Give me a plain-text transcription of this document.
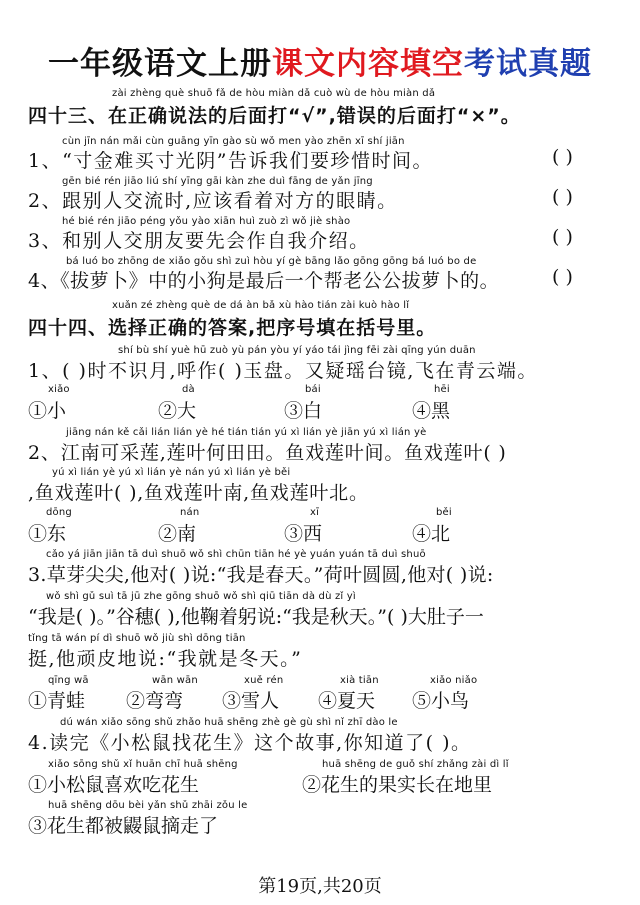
一年级语文上册课文内容填空考试真题
zài zhèng què shuō fǎ de hòu miàn dǎ cuò wù de hòu miàn dǎ
四十三、在正确说法的后面打“√”,错误的后面打“×”。
cùn jīn nán mǎi cùn guāng yīn gào sù wǒ men yào zhēn xī shí jiān
1、“寸金难买寸光阴”告诉我们要珍惜时间。	( )
gēn bié rén jiāo liú shí yīng gāi kàn zhe duì fāng de yǎn jīng
2、跟别人交流时,应该看着对方的眼睛。	( )
hé bié rén jiāo péng yǒu yào xiān huì zuò zì wǒ jiè shào
3、和别人交朋友要先会作自我介绍。	( )
bá luó bo zhōng de xiǎo gǒu shì zuì hòu yí gè bāng lǎo gōng gōng bá luó bo de
4、《拔萝卜》中的小狗是最后一个帮老公公拔萝卜的。	( )
xuǎn zé zhèng què de dá àn bǎ xù hào tián zài kuò hào lǐ
四十四、选择正确的答案,把序号填在括号里。
shí bù shí yuè hū zuò yù pán yòu yí yáo tái jìng fēi zài qīng yún duān
1、( )时不识月,呼作( )玉盘。又疑瑶台镜,飞在青云端。
xiǎo	dà	bái	hēi
①小	②大	③白	④黑
jiāng nán kě cǎi lián lián yè hé tián tián yú xì lián yè jiān yú xì lián yè
2、江南可采莲,莲叶何田田。鱼戏莲叶间。鱼戏莲叶( )
yú xì lián yè yú xì lián yè nán yú xì lián yè běi
,鱼戏莲叶( ),鱼戏莲叶南,鱼戏莲叶北。
dōng	nán	xī	běi
①东	②南	③西	④北
cǎo yá jiān jiān tā duì shuō wǒ shì chūn tiān hé yè yuán yuán tā duì shuō
3.草芽尖尖,他对( )说:“我是春天。”荷叶圆圆,他对( )说:
wǒ shì gǔ suì tā jū zhe gōng shuō wǒ shì qiū tiān dà dù zǐ yì
“我是( )。”谷穗( ),他鞠着躬说:“我是秋天。”( )大肚子一
tǐng tā wán pí dì shuō wǒ jiù shì dōng tiān
挺,他顽皮地说:“我就是冬天。”
qīng wā	wān wān	xuě rén	xià tiān	xiǎo niǎo
①青蛙 ②弯弯 ③雪人 ④夏天 ⑤小鸟
dú wán xiǎo sōng shǔ zhǎo huā shēng zhè gè gù shì nǐ zhī dào le
4.读完《小松鼠找花生》这个故事,你知道了( )。
xiǎo sōng shǔ xǐ huān chī huā shēng
①小松鼠喜欢吃花生
huā shēng de guǒ shí zhǎng zài dì lǐ
②花生的果实长在地里
huā shēng dōu bèi yǎn shǔ zhāi zǒu le
③花生都被鼹鼠摘走了
第19页,共20页
